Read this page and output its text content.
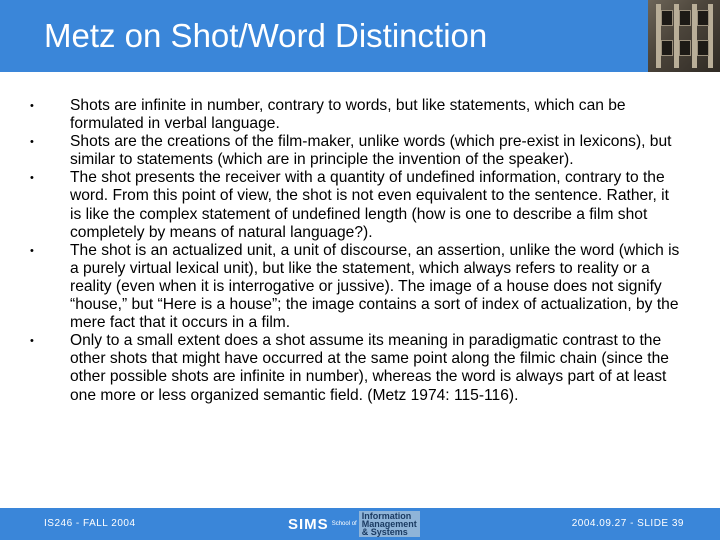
Metz on Shot/Word Distinction
• Shots are infinite in number, contrary to words, but like statements, which can be formulated in verbal language.
• Shots are the creations of the film-maker, unlike words (which pre-exist in lexicons), but similar to statements (which are in principle the invention of the speaker).
• The shot presents the receiver with a quantity of undefined information, contrary to the word. From this point of view, the shot is not even equivalent to the sentence. Rather, it is like the complex statement of undefined length (how is one to describe a film shot completely by means of natural language?).
• The shot is an actualized unit, a unit of discourse, an assertion, unlike the word (which is a purely virtual lexical unit), but like the statement, which always refers to reality or a reality (even when it is interrogative or jussive). The image of a house does not signify “house,” but “Here is a house”; the image contains a sort of index of actualization, by the mere fact that it occurs in a film.
• Only to a small extent does a shot assume its meaning in paradigmatic contrast to the other shots that might have occurred at the same point along the filmic chain (since the other possible shots are infinite in number), whereas the word is always part of at least one more or less organized semantic field. (Metz 1974: 115-116).
IS246 - FALL 2004	SIMS School of
Information
Management
& Systems
2004.09.27 - SLIDE 39
